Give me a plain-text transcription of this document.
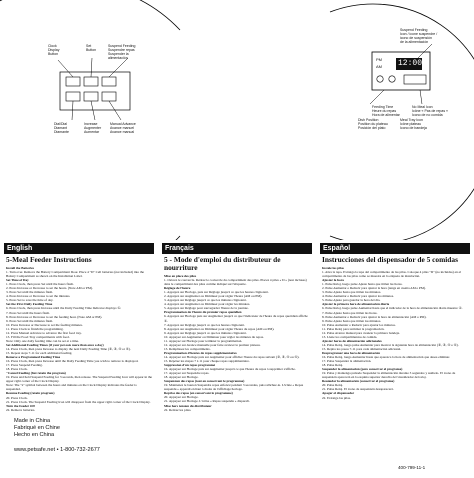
12:00
PM
AM
Clock
Display
Button
Set
Button
Suspend Feeding
Suspendre repas
Suspender la
alimentación
Dial/Dial
Diamant
Diamante
Increase
Augmenter
Aumentar
Manual Advance
Avance manuel
Avance manual
Suspend Feeding
Icon / icone suspendre /
icono de suspensión
de la alimentación
Feeding Time
Heure du repas
Hora de alimentar
No Meal Icon
Icône « Pas de repas »
Icono de no comida
Dish Position
Position du plateau
Posición del plato
Meal Tray Icon
Icône plateau
Icono de bandeja
English	Français	Español
5-Meal Feeder Instructions

Install the Batteries

1. Turn over. Remove the Battery Compartment Door. Place 4 "D" Cell batteries (not included) into the Battery Compartment as shown on the Installation Label.

Set Time of Day

1. Press Clock, then press Set until the hours flash.

2. Press Increase or Decrease to set the hours. (Note AM or PM).

3. Press Set until the minutes flash.

4. Press Increase or Decrease to set the minutes.

5. Press Set to save the time of day.

Set the First Daily Feeding Time

6. Press Clock, then press Increase until the Daily Feeding Time Indicator displays ①.

7. Press Set until the hours flash.

8. Press Increase or Decrease to set the feeding hour. (Note AM or PM).

9. Press Set until the minutes flash.

10. Press Increase or Decrease to set the feeding minutes.

11. Press Clock to finish the programming.

12. Press Manual Advance to advance the first food tray.

13. Fill the Food Tray compartments with food.

Note: Only one daily feeding time can be set at a time.

Set Additional Feeding Times (if your pet eats more than once a day)

14. Press Clock, then press Increase to display the next Daily Feeding Time (②, ③, ④ or ⑤).

15. Repeat steps 7-11 for each additional feeding.

Remove a Programmed Feeding Time

16. Press Clock, then press Increase until the Daily Feeding Time you wish to remove is displayed.

17. Press Suspend Feeding.

18. Press Clock.

"Cancel Feeding (but retain the program)

19. Press and hold Suspend Feeding for 3 seconds, then release. The Suspend Feeding Icon will appear in the upper right corner of the Clock Display.

Note: The "x" symbol between the hours and minutes on the Clock Display indicates the feeder is suspended.

Resume Feeding (retain program)

20. Press Clock.

21. Press Clock. The Suspend Feeding Icon will disappear from the upper right corner of the Clock Display.

Turn the Feeder Off

22. Remove batteries.

5 - Mode d'emploi du distributeur de nourriture

Mise en place des piles

1. Ouvrez le couvercle. Retirez le couvercle du compartiment des piles. Placez 4 piles « D » (non incluses) dans le compartiment des piles comme indiqué sur l'étiquette.

Réglage de l'heure

1. Appuyez sur Horloge, puis sur Réglage jusqu'à ce que les heures clignotent.

2. Appuyez sur Augmenter ou Diminuer pour régler l'heure (AM ou PM).

3. Appuyez sur Réglage jusqu'à ce que les minutes clignotent.

4. Appuyez sur Augmenter ou Diminuer pour régler les minutes.

5. Appuyez sur Réglage pour sauvegarder l'heure de la journée.

Programmation de l'heure du premier repas quotidien

6. Appuyez sur Horloge puis sur Augmenter jusqu'à ce que l'indicateur de l'heure du repas quotidien affiche ①.

7. Appuyez sur Réglage jusqu'à ce que les heures clignotent.

8. Appuyez sur Augmenter ou Diminuer pour régler l'heure du repas (AM ou PM).

9. Appuyez sur Réglage jusqu'à ce que les minutes clignotent.

10. Appuyez sur Augmenter ou Diminuer pour régler les minutes du repas.

11. Appuyez sur Horloge pour terminer la programmation.

12. Appuyez sur Avance manuelle pour faire avancer le premier plateau.

13. Remplissez les compartiments.

Programmation d'heures de repas supplémentaires

14. Appuyez sur Horloge puis sur Augmenter pour afficher l'heure du repas suivant (②, ③, ④ ou ⑤).

15. Répétez les étapes 7 à 11 pour chaque repas supplémentaire.

Suppression d'un repas programmé

16. Appuyez sur Horloge puis sur Augmenter jusqu'à ce que l'heure du repas à supprimer s'affiche.

17. Appuyez sur Suspendre repas.

18. Appuyez sur Horloge.

Suspension des repas (tout en conservant le programme)

19. Maintenez le bouton Suspendre repas enfoncé pendant 3 secondes, puis relâchez-le. L'icône « Repas suspendu » apparaît en haut à droite de l'affichage horloge.

Reprise des repas (en conservant le programme)

20. Appuyez sur Horloge.

21. Appuyez sur Horloge. L'icône « Repas suspendu » disparaît.

Mise hors tension du distributeur

22. Retirez les piles.

Instrucciones del dispensador de 5 comidas

Instale las pilas

1. Abra la tapa. Extraiga la tapa del compartimento de las pilas. Coloque 4 pilas "D" (no incluidas) en el compartimento de las pilas como se muestra en la etiqueta de instalación.

Ajustar la hora

1. Pulse Reloj, luego pulse Ajuste hasta que titilen las horas.

2. Pulse Aumentar o Reducir para ajustar la hora (tenga en cuenta AM o PM).

3. Pulse Ajuste hasta que titilen los minutos.

4. Pulse Aumentar o Reducir para ajustar los minutos.

5. Pulse Ajuste para guardar la hora del día.

Ajustar la primera hora de alimentación diaria

6. Pulse Reloj, luego pulse Aumentar hasta que el indicador de la hora de alimentación diaria muestre ①.

7. Pulse Ajuste hasta que titilen las horas.

8. Pulse Aumentar o Reducir para ajustar la hora de alimentación (AM o PM).

9. Pulse Ajuste hasta que titilen los minutos.

10. Pulse Aumentar o Reducir para ajustar los minutos.

11. Pulse Reloj para terminar la programación.

12. Pulse Avance manual para avanzar la primera bandeja.

13. Llene los compartimentos de comida.

Ajustar horas de alimentación adicionales

14. Pulse Reloj, luego pulse Aumentar para mostrar la siguiente hora de alimentación (②, ③, ④ o ⑤).

15. Repita los pasos 7-11 para cada alimentación adicional.

Desprogramar una hora de alimentación

16. Pulse Reloj, luego Aumentar hasta que aparezca la hora de alimentación que desea eliminar.

17. Pulse Suspender la alimentación.

18. Pulse Reloj.

Suspender la alimentación (pero conservar el programa)

19. Pulse y mantenga pulsado Suspender la alimentación durante 3 segundos y suéltelo. El icono de suspensión aparecerá en la esquina superior derecha del visualizador del reloj.

Reanudar la alimentación (conservar el programa)

20. Pulse Reloj.

21. Pulse Reloj. El icono de suspensión desaparecerá.

Apagar el dispensador

22. Extraiga las pilas.

Made in China
Fabriqué en Chine
Hecho en China
www.petsafe.net • 1-800-732-2677
400-799-11-1
